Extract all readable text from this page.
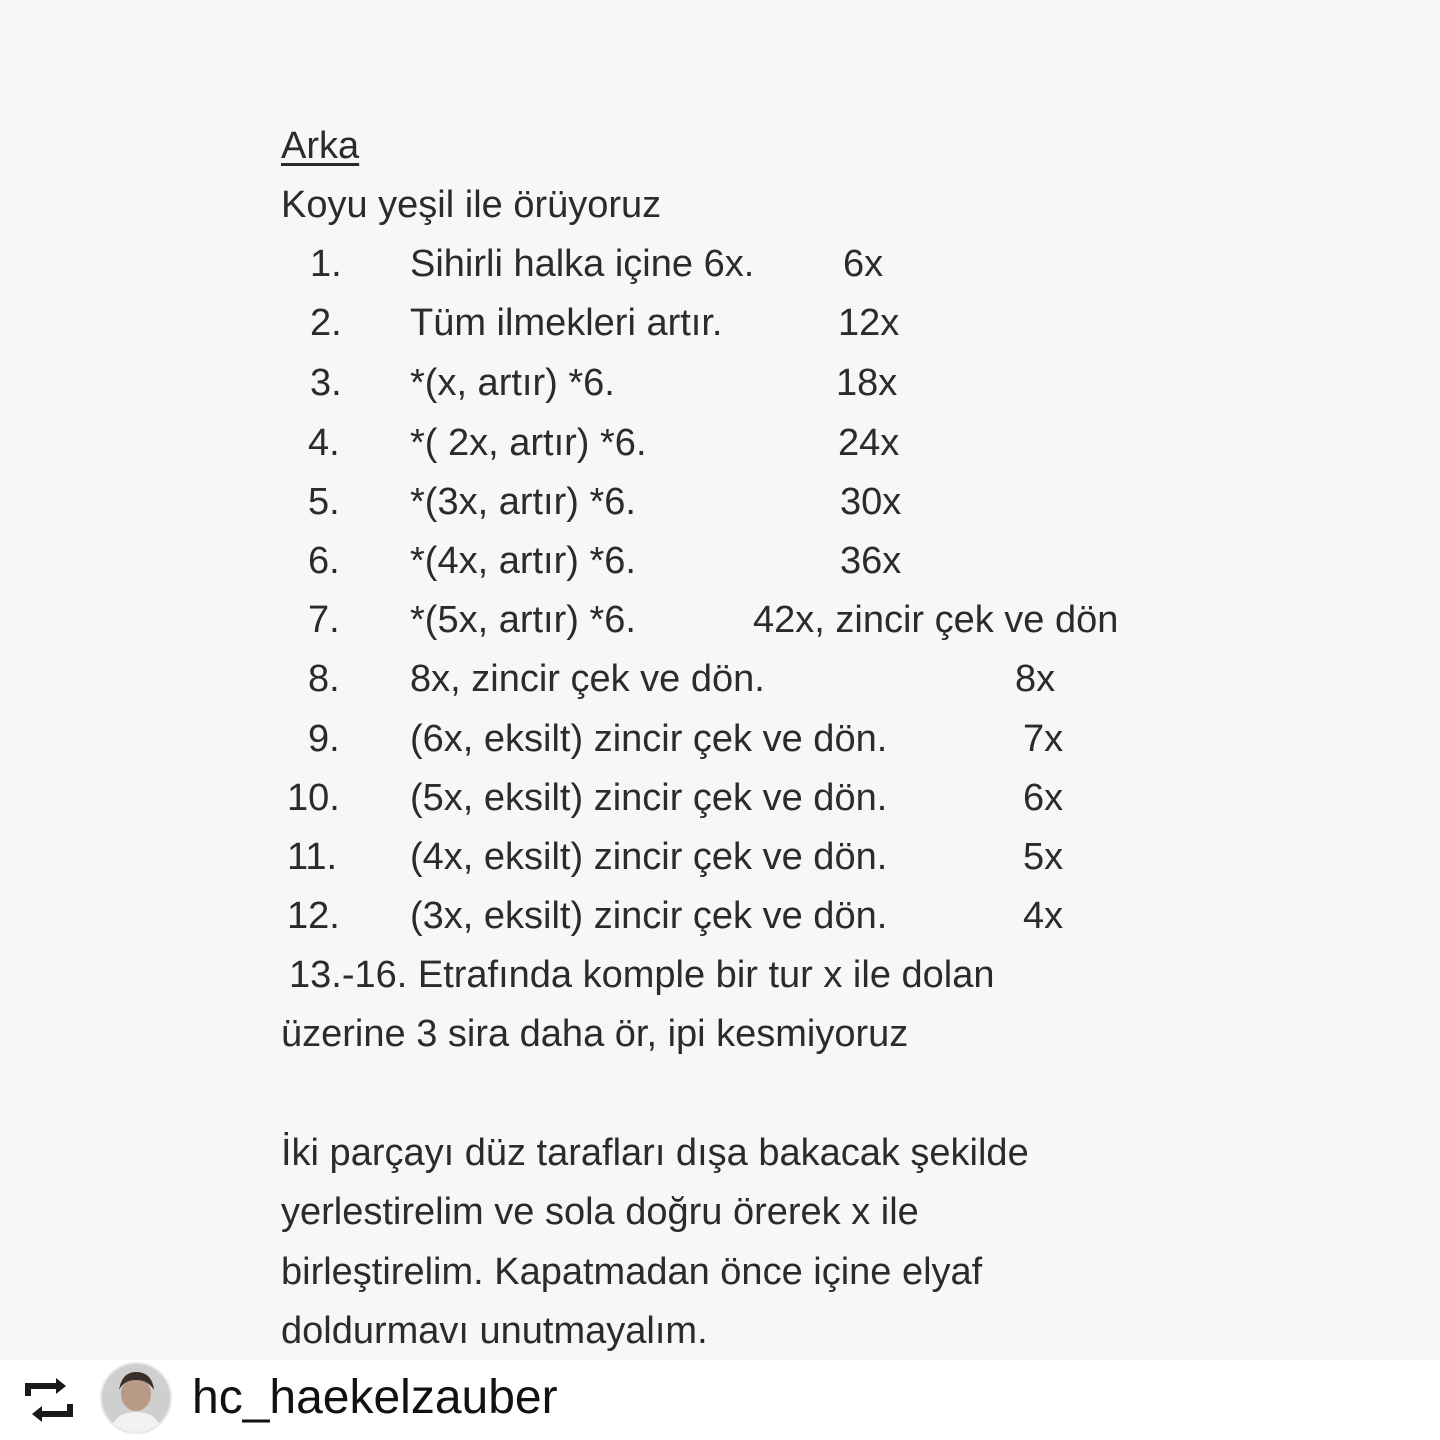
Arka
Koyu yeşil ile örüyoruz
1. Sihirli halka içine 6x. 6x
2. Tüm ilmekleri artır.	12x
3. *(x, artır) *6.	18x
4. *( 2x, artır) *6.	24x
5. *(3x, artır) *6.	30x
6. *(4x, artır) *6.	36x
7. *(5x, artır) *6.	42x, zincir çek ve dön
8. 8x, zincir çek ve dön.	8x
9. (6x, eksilt) zincir çek ve dön.	7x
10. (5x, eksilt) zincir çek ve dön.	6x
11. (4x, eksilt) zincir çek ve dön.	5x
12. (3x, eksilt) zincir çek ve dön.	4x
13.-16. Etrafında komple bir tur x ile dolan
üzerine 3 sira daha ör, ipi kesmiyoruz
İki parçayı düz tarafları dışa bakacak şekilde
yerlestirelim ve sola doğru örerek x ile
birleştirelim. Kapatmadan önce içine elyaf
doldurmavı unutmayalım.
hc_haekelzauber
